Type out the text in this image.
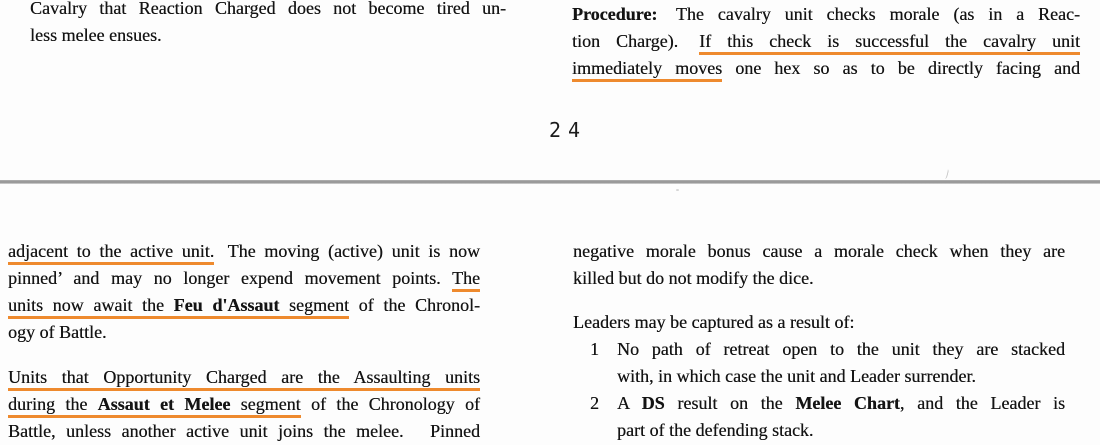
Cavalry that Reaction Charged does not become tired un-
less melee ensues.
Procedure: The cavalry unit checks morale (as in a Reac-
tion Charge). If this check is successful the cavalry unit
immediately moves one hex so as to be directly facing and
24
adjacent to the active unit. The moving (active) unit is now
pinned’ and may no longer expend movement points. The
units now await the Feu d'Assaut segment of the Chronol-
ogy of Battle.
Units that Opportunity Charged are the Assaulting units
during the Assaut et Melee segment of the Chronology of
Battle, unless another active unit joins the melee. Pinned
negative morale bonus cause a morale check when they are
killed but do not modify the dice.
Leaders may be captured as a result of:
1	No path of retreat open to the unit they are stacked
with, in which case the unit and Leader surrender.
2	A DS result on the Melee Chart, and the Leader is
part of the defending stack.
